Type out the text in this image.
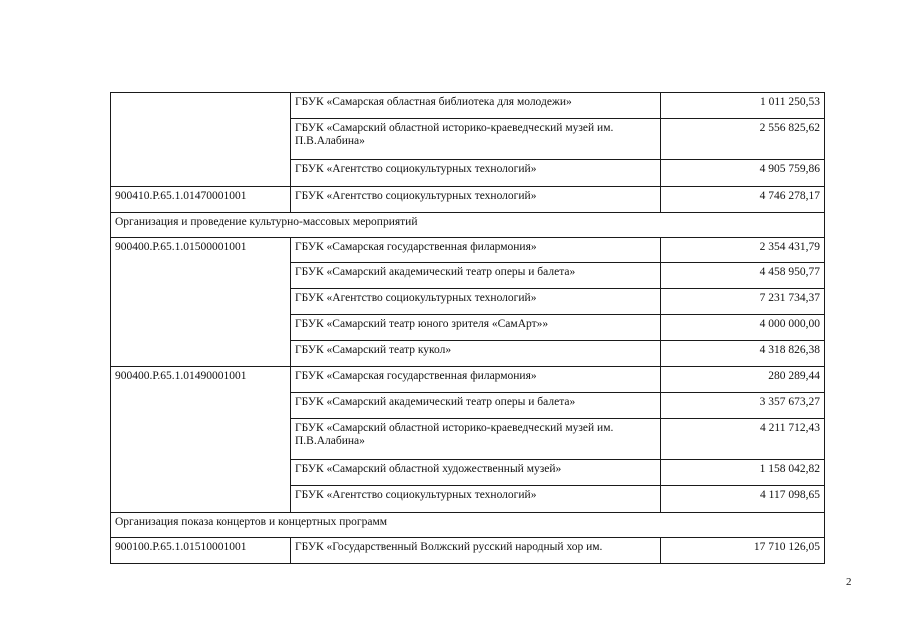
	ГБУК «Самарская областная библиотека для молодежи»	1 011 250,53
	ГБУК «Самарский областной историко-краеведческий музей им. П.В.Алабина»	2 556 825,62
	ГБУК «Агентство социокультурных технологий»	4 905 759,86
900410.Р.65.1.01470001001	ГБУК «Агентство социокультурных технологий»	4 746 278,17
Организация и проведение культурно-массовых мероприятий		
900400.Р.65.1.01500001001	ГБУК «Самарская государственная филармония»	2 354 431,79
	ГБУК «Самарский академический театр оперы и балета»	4 458 950,77
	ГБУК «Агентство социокультурных технологий»	7 231 734,37
	ГБУК «Самарский театр юного зрителя «СамАрт»»	4 000 000,00
	ГБУК «Самарский театр кукол»	4 318 826,38
900400.Р.65.1.01490001001	ГБУК «Самарская государственная филармония»	280 289,44
	ГБУК «Самарский академический театр оперы и балета»	3 357 673,27
	ГБУК «Самарский областной историко-краеведческий музей им. П.В.Алабина»	4 211 712,43
	ГБУК «Самарский областной художественный музей»	1 158 042,82
	ГБУК «Агентство социокультурных технологий»	4 117 098,65
Организация показа концертов и концертных программ		
900100.Р.65.1.01510001001	ГБУК «Государственный Волжский русский народный хор им.	17 710 126,05
2
